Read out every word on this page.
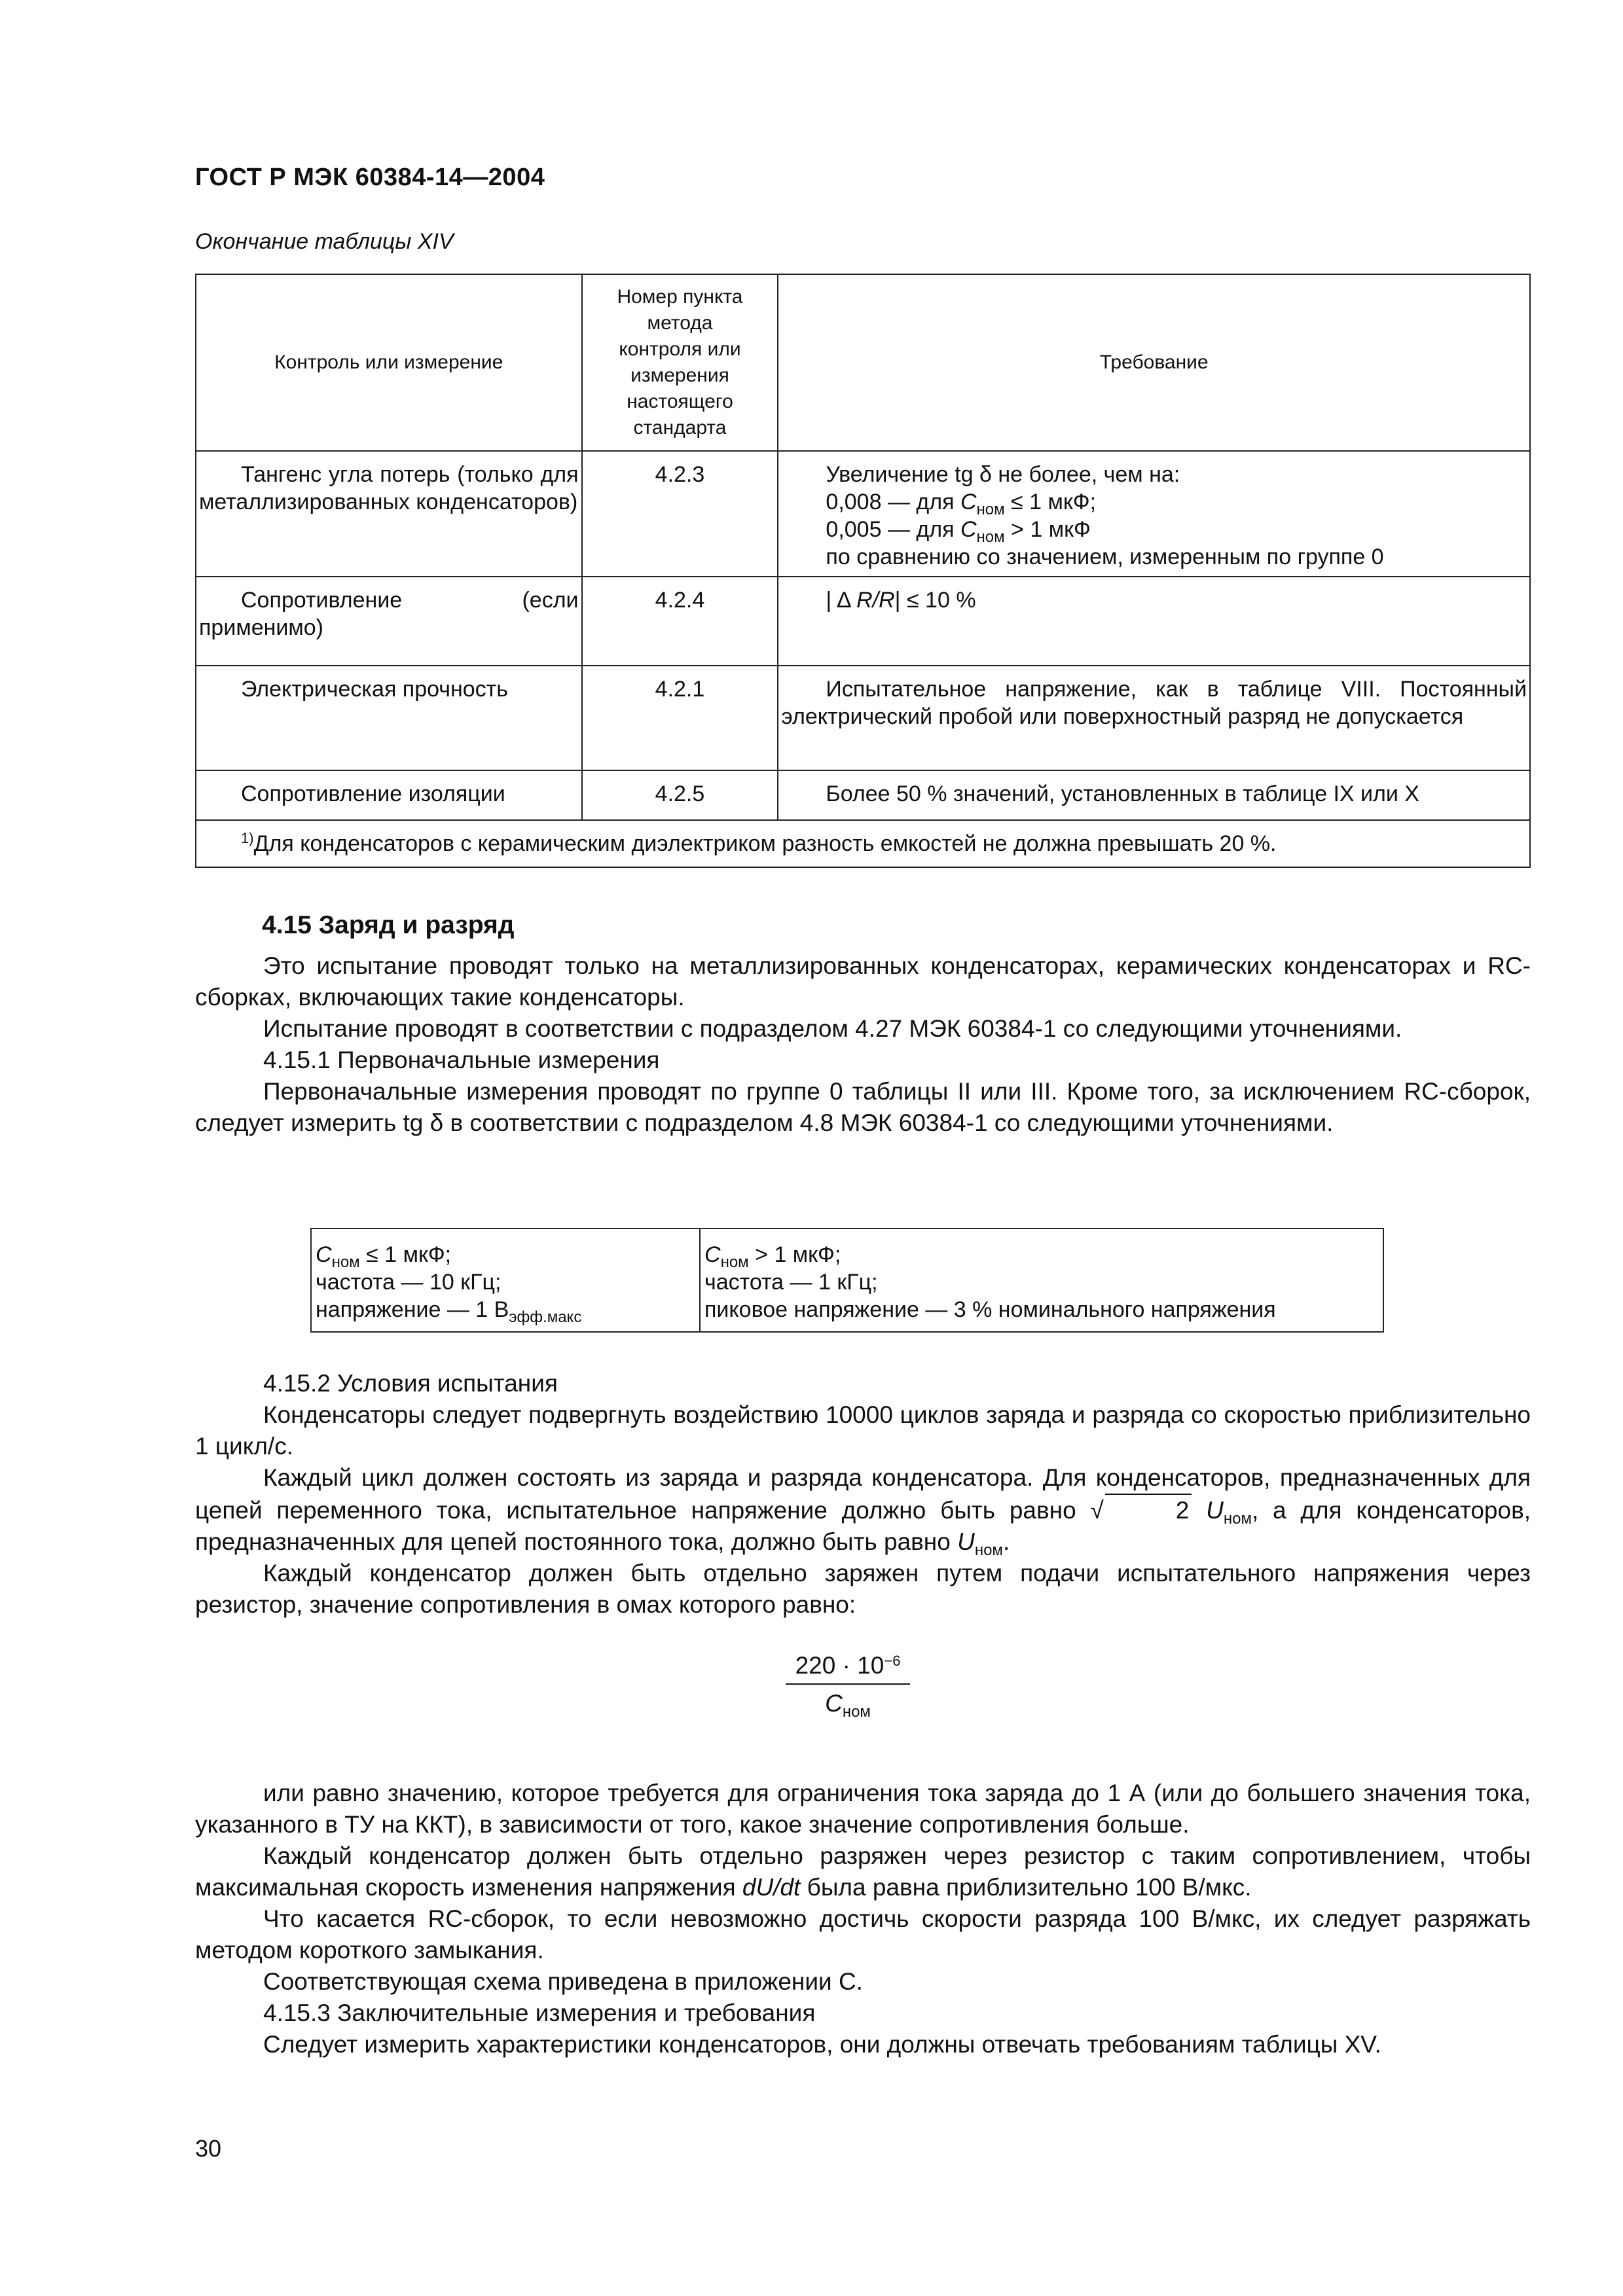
ГОСТ Р МЭК 60384-14—2004
Окончание таблицы XIV
Контроль или измерение	Номер пункта метода контроля или измерения настоящего стандарта	Требование
Тангенс угла потерь (только для металлизированных конденсаторов)	4.2.3	Увеличение tg δ не более, чем на:
0,008 — для $C_{ном} \le 1$ мкФ;
0,005 — для $C_{ном} > 1$ мкФ
по сравнению со значением, измеренным по группе 0

Сопротивление (если применимо)	4.2.4	| Δ R/R| ≤ 10 %
Электрическая прочность	4.2.1	Испытательное напряжение, как в таблице VIII. Постоянный электрический пробой или поверхностный разряд не допускается
Сопротивление изоляции	4.2.5	Более 50 % значений, установленных в таблице IX или X
$^{1)}$Для конденсаторов с керамическим диэлектриком разность емкостей не должна превышать 20 %.		
4.15 Заряд и разряд

Это испытание проводят только на металлизированных конденсаторах, керамических конденсаторах и RC-сборках, включающих такие конденсаторы.

Испытание проводят в соответствии с подразделом 4.27 МЭК 60384-1 со следующими уточнениями.

4.15.1 Первоначальные измерения

Первоначальные измерения проводят по группе 0 таблицы II или III. Кроме того, за исключением RC-сборок, следует измерить tg δ в соответствии с подразделом 4.8 МЭК 60384-1 со следующими уточнениями.

$C_{ном} \le 1$ мкФ;
частота — 10 кГц;
напряжение — 1 $В_{эфф.макс}$

$C_{ном} > 1$ мкФ;
частота — 1 кГц;
пиковое напряжение — 3 % номинального напряжения

4.15.2 Условия испытания

Конденсаторы следует подвергнуть воздействию 10000 циклов заряда и разряда со скоростью приблизительно 1 цикл/с.

Каждый цикл должен состоять из заряда и разряда конденсатора. Для конденсаторов, предназначенных для цепей переменного тока, испытательное напряжение должно быть равно √	2 $U_{ном}$, а для конденсаторов, предназначенных для цепей постоянного тока, должно быть равно $U_{ном}$.

Каждый конденсатор должен быть отдельно заряжен путем подачи испытательного напряжения через резистор, значение сопротивления в омах которого равно:

$220 \cdot 10^{-6}$
$C_{ном}$

или равно значению, которое требуется для ограничения тока заряда до 1 А (или до большего значения тока, указанного в ТУ на ККТ), в зависимости от того, какое значение сопротивления больше.

Каждый конденсатор должен быть отдельно разряжен через резистор с таким сопротивлением, чтобы максимальная скорость изменения напряжения dU/dt была равна приблизительно 100 В/мкс.

Что касается RC-сборок, то если невозможно достичь скорости разряда 100 В/мкс, их следует разряжать методом короткого замыкания.

Соответствующая схема приведена в приложении С.

4.15.3 Заключительные измерения и требования

Следует измерить характеристики конденсаторов, они должны отвечать требованиям таблицы XV.

30
